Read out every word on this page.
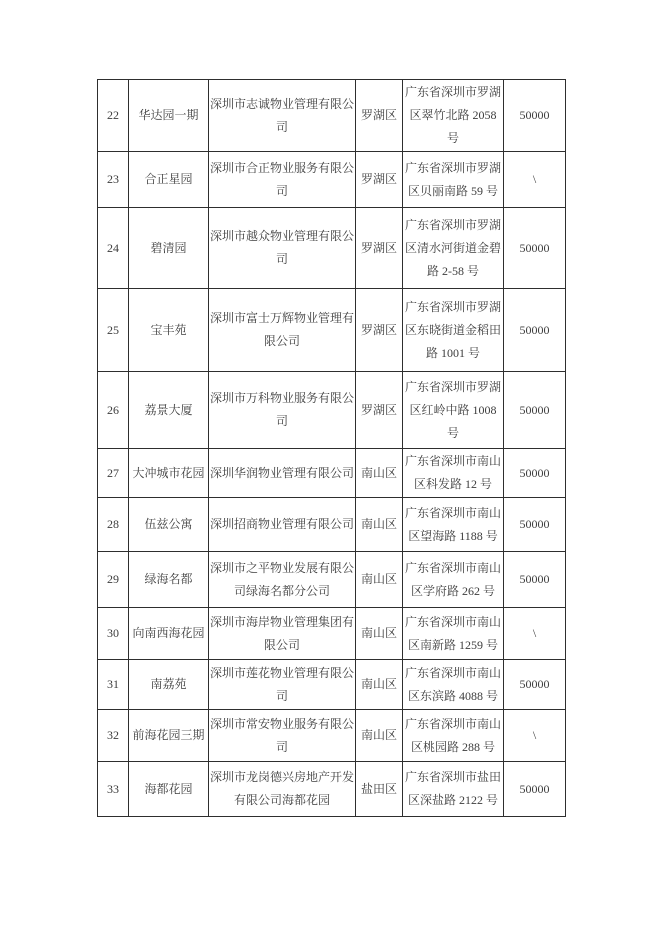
22	华达园一期	深圳市志诚物业管理有限公司	罗湖区	广东省深圳市罗湖区翠竹北路 2058 号	50000
23	合正星园	深圳市合正物业服务有限公司	罗湖区	广东省深圳市罗湖区贝丽南路 59 号	\
24	碧清园	深圳市越众物业管理有限公司	罗湖区	广东省深圳市罗湖区清水河街道金碧路 2-58 号	50000
25	宝丰苑	深圳市富士万辉物业管理有限公司	罗湖区	广东省深圳市罗湖区东晓街道金稻田路 1001 号	50000
26	荔景大厦	深圳市万科物业服务有限公司	罗湖区	广东省深圳市罗湖区红岭中路 1008 号	50000
27	大冲城市花园	深圳华润物业管理有限公司	南山区	广东省深圳市南山区科发路 12 号	50000
28	伍兹公寓	深圳招商物业管理有限公司	南山区	广东省深圳市南山区望海路 1188 号	50000
29	绿海名都	深圳市之平物业发展有限公司绿海名都分公司	南山区	广东省深圳市南山区学府路 262 号	50000
30	向南西海花园	深圳市海岸物业管理集团有限公司	南山区	广东省深圳市南山区南新路 1259 号	\
31	南荔苑	深圳市莲花物业管理有限公司	南山区	广东省深圳市南山区东滨路 4088 号	50000
32	前海花园三期	深圳市常安物业服务有限公司	南山区	广东省深圳市南山区桃园路 288 号	\
33	海都花园	深圳市龙岗德兴房地产开发有限公司海都花园	盐田区	广东省深圳市盐田区深盐路 2122 号	50000
